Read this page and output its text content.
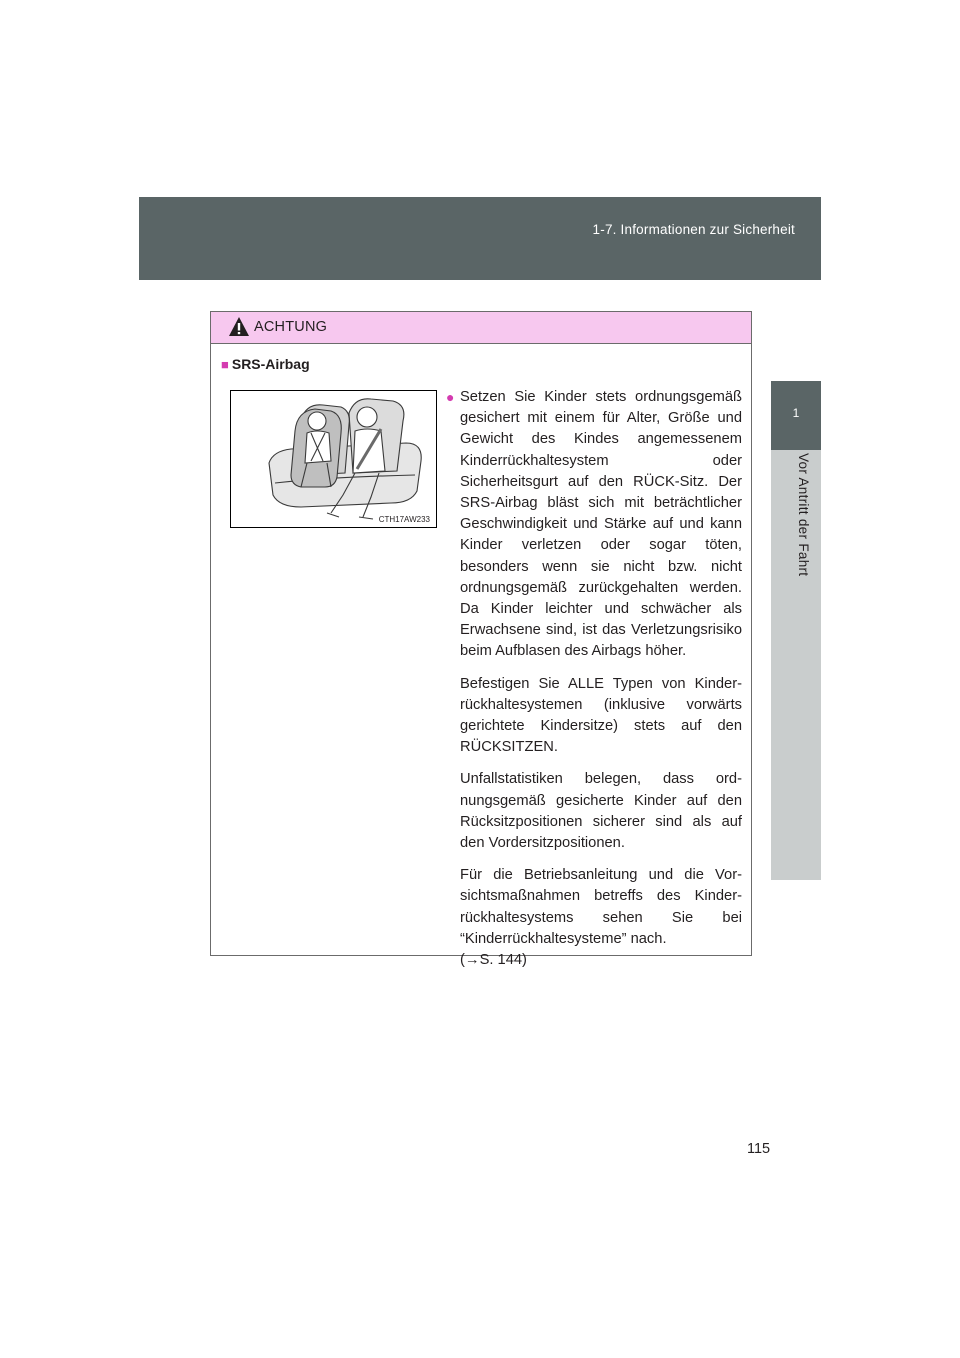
1-7. Informationen zur Sicherheit
1
Vor Antritt der Fahrt
ACHTUNG
■ SRS-Airbag
CTH17AW233

● Setzen Sie Kinder stets ordnungsgemäß gesichert mit einem für Alter, Größe und Gewicht des Kindes angemessenem Kinderrückhaltesystem oder Sicherheitsgurt auf den RÜCK-Sitz. Der SRS-Airbag bläst sich mit beträchtlicher Geschwindigkeit und Stärke auf und kann Kinder verletzen oder sogar töten, besonders wenn sie nicht bzw. nicht ordnungsgemäß zurückgehalten werden. Da Kinder leichter und schwächer als Erwachsene sind, ist das Verletzungsrisiko beim Aufblasen des Airbags höher.

Befestigen Sie ALLE Typen von Kinderrückhaltesystemen (inklusive vorwärts gerichtete Kindersitze) stets auf den RÜCKSITZEN.

Unfallstatistiken belegen, dass ordnungsgemäß gesicherte Kinder auf den Rücksitzpositionen sicherer sind als auf den Vordersitzpositionen.

Für die Betriebsanleitung und die Vorsichtsmaßnahmen betreffs des Kinderrückhaltesystems sehen Sie bei “Kinderrückhaltesysteme” nach.

(→S. 144)

115
